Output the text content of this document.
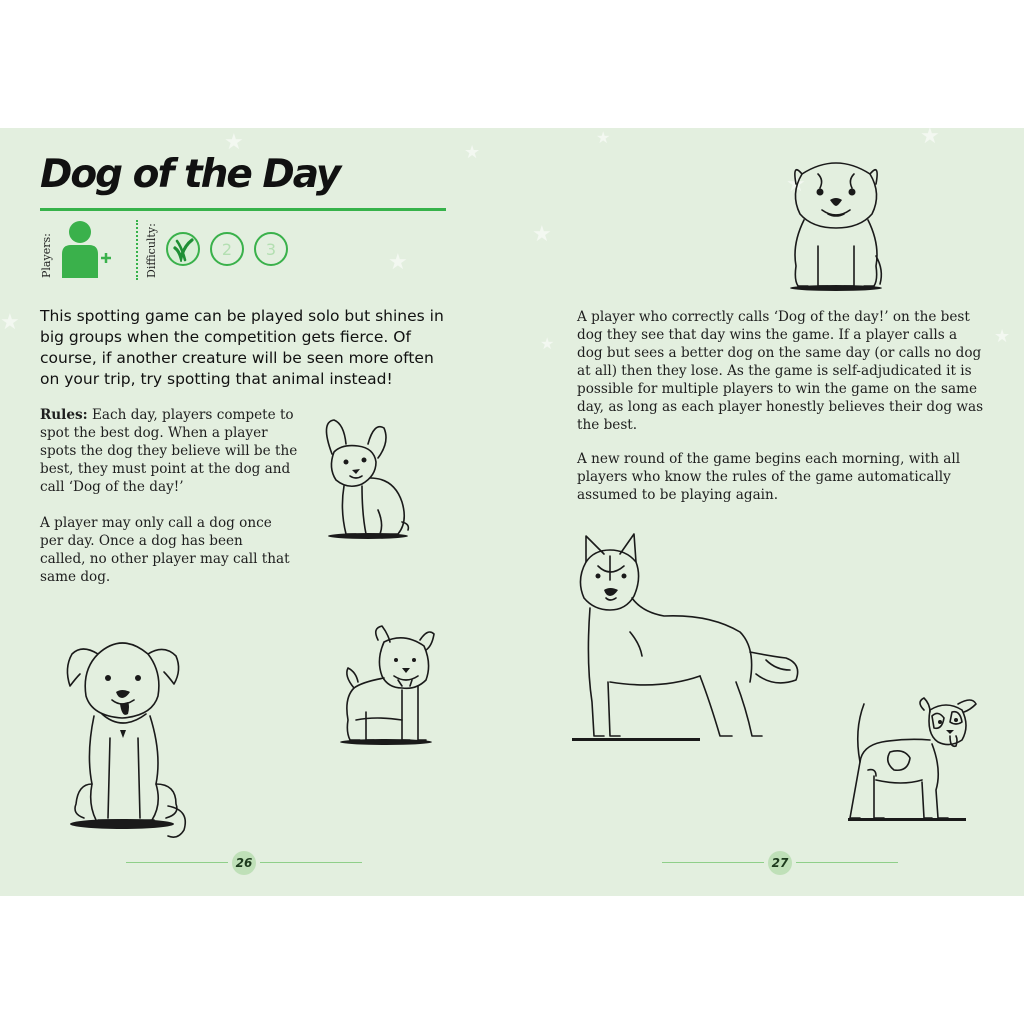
★	★
★
★
★
★
★
★
★
★
Dog of the Day
Players:	Difficulty:	2	3

This spotting game can be played solo but shines in big groups when the competition gets fierce. Of course, if another creature will be seen more often on your trip, try spotting that animal instead!

Rules: Each day, players compete to spot the best dog. When a player spots the dog they believe will be the best, they must point at the dog and call ‘Dog of the day!’

A player may only call a dog once per day. Once a dog has been called, no other player may call that same dog.

26

A player who correctly calls ‘Dog of the day!’ on the best dog they see that day wins the game. If a player calls a dog but sees a better dog on the same day (or calls no dog at all) then they lose. As the game is self-adjudicated it is possible for multiple players to win the game on the same day, as long as each player honestly believes their dog was the best.

A new round of the game begins each morning, with all players who know the rules of the game automatically assumed to be playing again.

27
